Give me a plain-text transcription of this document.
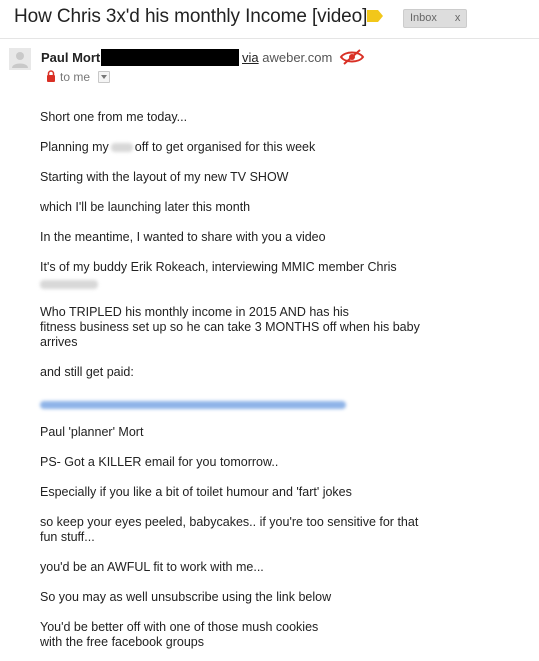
How Chris 3x'd his monthly Income [video]	Inbox x
Paul Mort	via aweber.com
to me

Short one from me today...

Planning my off to get organised for this week

Starting with the layout of my new TV SHOW

which I'll be launching later this month

In the meantime, I wanted to share with you a video

It's of my buddy Erik Rokeach, interviewing MMIC member Chris

Who TRIPLED his monthly income in 2015 AND has his

fitness business set up so he can take 3 MONTHS off when his baby

arrives

and still get paid:

Paul 'planner' Mort

PS- Got a KILLER email for you tomorrow..

Especially if you like a bit of toilet humour and 'fart' jokes

so keep your eyes peeled, babycakes.. if you're too sensitive for that

fun stuff...

you'd be an AWFUL fit to work with me...

So you may as well unsubscribe using the link below

You'd be better off with one of those mush cookies

with the free facebook groups
